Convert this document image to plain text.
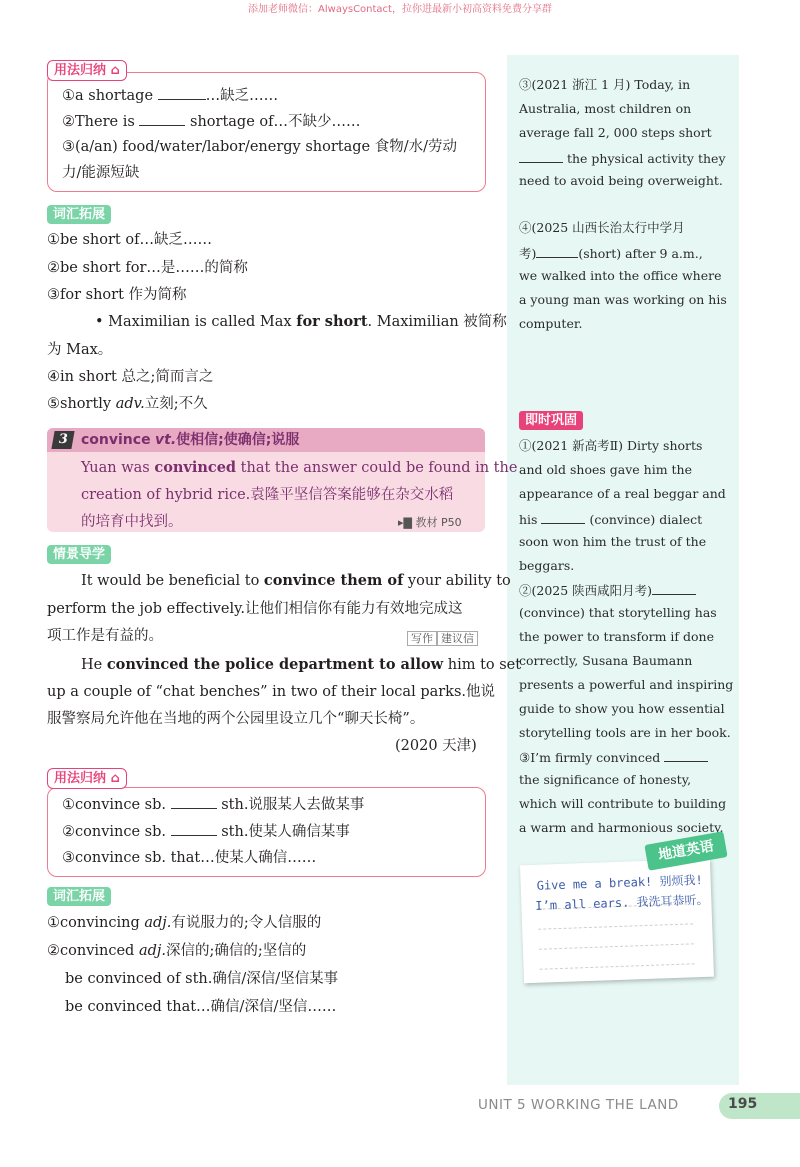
添加老师微信：AlwaysContact，拉你进最新小初高资料免费分享群
用法归纳 ⌂
①a shortage	…缺乏……
②There is	shortage of…不缺少……
③(a/an) food/water/labor/energy shortage 食物/水/劳动
力/能源短缺
词汇拓展
①be short of…缺乏……
②be short for…是……的简称
③for short 作为简称
• Maximilian is called Max for short. Maximilian 被简称
为 Max。
④in short 总之;简而言之
⑤shortly adv.立刻;不久
3 convince vt.使相信;使确信;说服
Yuan was convinced that the answer could be found in the
creation of hybrid rice.袁隆平坚信答案能够在杂交水稻
的培育中找到。	▸▇ 教材 P50
情景导学
It would be beneficial to convince them of your ability to
perform the job effectively.让他们相信你有能力有效地完成这
项工作是有益的。	写作 建议信
He convinced the police department to allow him to set
up a couple of “chat benches” in two of their local parks.他说
服警察局允许他在当地的两个公园里设立几个“聊天长椅”。
(2020 天津)
用法归纳 ⌂
①convince sb.	sth.说服某人去做某事
②convince sb.	sth.使某人确信某事
③convince sb. that…使某人确信……
词汇拓展
①convincing adj.有说服力的;令人信服的
②convinced adj.深信的;确信的;坚信的
be convinced of sth.确信/深信/坚信某事
be convinced that…确信/深信/坚信……
③(2021 浙江 1 月) Today, in
Australia, most children on
average fall 2, 000 steps short
the physical activity they
need to avoid being overweight.
④(2025 山西长治太行中学月
考)	(short) after 9 a.m.,
we walked into the office where
a young man was working on his
computer.
即时巩固
①(2021 新高考Ⅱ) Dirty shorts
and old shoes gave him the
appearance of a real beggar and
his	(convince) dialect
soon won him the trust of the
beggars.
②(2025 陕西咸阳月考)
(convince) that storytelling has
the power to transform if done
correctly, Susana Baumann
presents a powerful and inspiring
guide to show you how essential
storytelling tools are in her book.
③I’m firmly convinced
the significance of honesty,
which will contribute to building
a warm and harmonious society.
Give me a break! 别烦我!
I’m all ears. 我洗耳恭听。
地道英语
UNIT 5 WORKING THE LAND	195
